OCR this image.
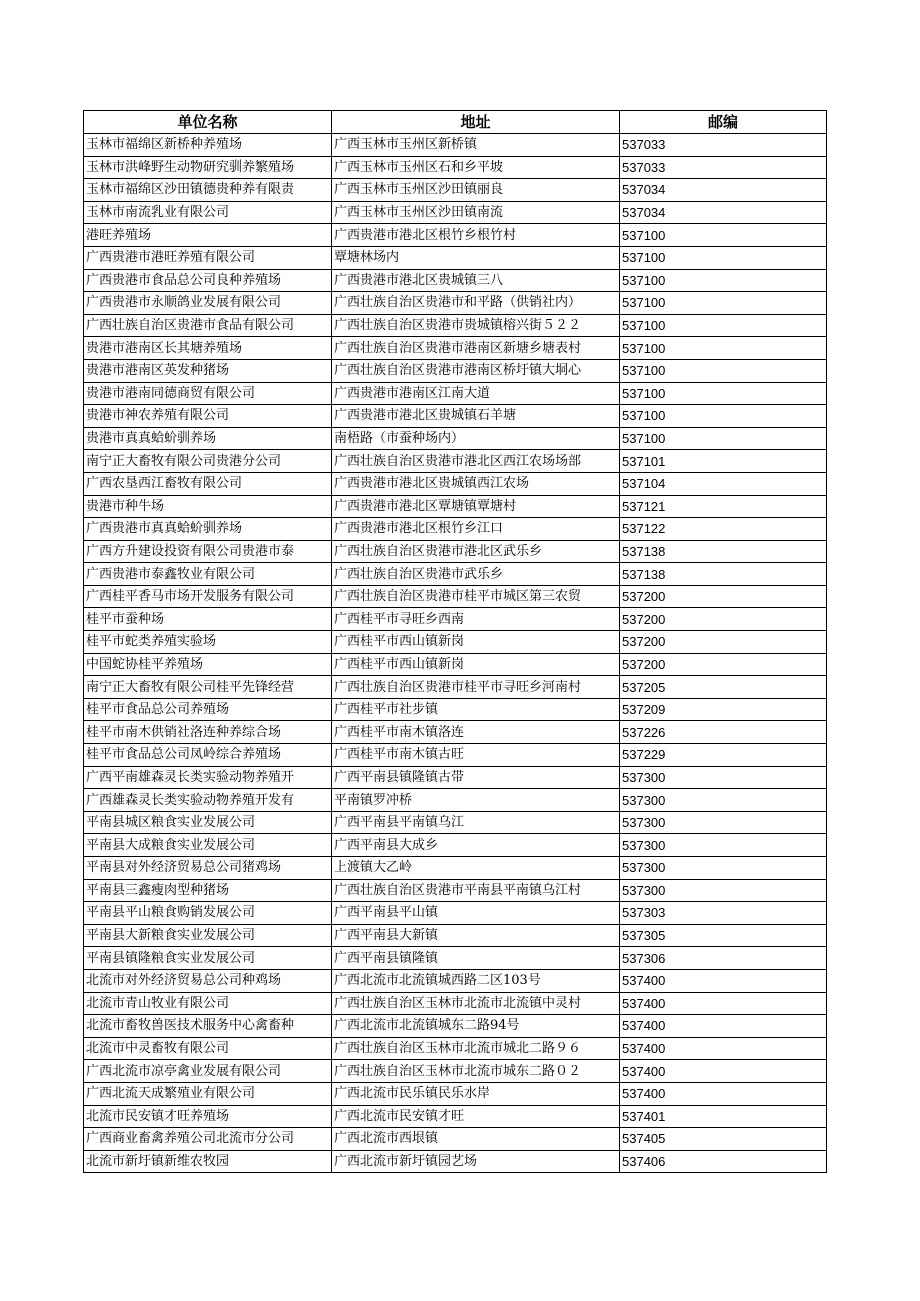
单位名称	地址	邮编
玉林市福绵区新桥种养殖场	广西玉林市玉州区新桥镇	537033
玉林市洪峰野生动物研究驯养繁殖场	广西玉林市玉州区石和乡平坡	537033
玉林市福绵区沙田镇德贵种养有限责	广西玉林市玉州区沙田镇丽良	537034
玉林市南流乳业有限公司	广西玉林市玉州区沙田镇南流	537034
港旺养殖场	广西贵港市港北区根竹乡根竹村	537100
广西贵港市港旺养殖有限公司	覃塘林场内	537100
广西贵港市食品总公司良种养殖场	广西贵港市港北区贵城镇三八	537100
广西贵港市永顺鸽业发展有限公司	广西壮族自治区贵港市和平路（供销社内）	537100
广西壮族自治区贵港市食品有限公司	广西壮族自治区贵港市贵城镇榕兴街５２２	537100
贵港市港南区长其塘养殖场	广西壮族自治区贵港市港南区新塘乡塘表村	537100
贵港市港南区英发种猪场	广西壮族自治区贵港市港南区桥圩镇大垌心	537100
贵港市港南同德商贸有限公司	广西贵港市港南区江南大道	537100
贵港市神农养殖有限公司	广西贵港市港北区贵城镇石羊塘	537100
贵港市真真蛤蚧驯养场	南梧路（市蚕种场内）	537100
南宁正大畜牧有限公司贵港分公司	广西壮族自治区贵港市港北区西江农场场部	537101
广西农垦西江畜牧有限公司	广西贵港市港北区贵城镇西江农场	537104
贵港市种牛场	广西贵港市港北区覃塘镇覃塘村	537121
广西贵港市真真蛤蚧驯养场	广西贵港市港北区根竹乡江口	537122
广西方升建设投资有限公司贵港市泰	广西壮族自治区贵港市港北区武乐乡	537138
广西贵港市泰鑫牧业有限公司	广西壮族自治区贵港市武乐乡	537138
广西桂平香马市场开发服务有限公司	广西壮族自治区贵港市桂平市城区第三农贸	537200
桂平市蚕种场	广西桂平市寻旺乡西南	537200
桂平市蛇类养殖实验场	广西桂平市西山镇新岗	537200
中国蛇协桂平养殖场	广西桂平市西山镇新岗	537200
南宁正大畜牧有限公司桂平先锋经营	广西壮族自治区贵港市桂平市寻旺乡河南村	537205
桂平市食品总公司养殖场	广西桂平市社步镇	537209
桂平市南木供销社洛连种养综合场	广西桂平市南木镇洛连	537226
桂平市食品总公司凤岭综合养殖场	广西桂平市南木镇古旺	537229
广西平南雄森灵长类实验动物养殖开	广西平南县镇隆镇古带	537300
广西雄森灵长类实验动物养殖开发有	平南镇罗冲桥	537300
平南县城区粮食实业发展公司	广西平南县平南镇乌江	537300
平南县大成粮食实业发展公司	广西平南县大成乡	537300
平南县对外经济贸易总公司猪鸡场	上渡镇大乙岭	537300
平南县三鑫瘦肉型种猪场	广西壮族自治区贵港市平南县平南镇乌江村	537300
平南县平山粮食购销发展公司	广西平南县平山镇	537303
平南县大新粮食实业发展公司	广西平南县大新镇	537305
平南县镇隆粮食实业发展公司	广西平南县镇隆镇	537306
北流市对外经济贸易总公司种鸡场	广西北流市北流镇城西路二区103号	537400
北流市青山牧业有限公司	广西壮族自治区玉林市北流市北流镇中灵村	537400
北流市畜牧兽医技术服务中心禽畜种	广西北流市北流镇城东二路94号	537400
北流市中灵畜牧有限公司	广西壮族自治区玉林市北流市城北二路９６	537400
广西北流市凉亭禽业发展有限公司	广西壮族自治区玉林市北流市城东二路０２	537400
广西北流天成繁殖业有限公司	广西北流市民乐镇民乐水岸	537400
北流市民安镇才旺养殖场	广西北流市民安镇才旺	537401
广西商业畜禽养殖公司北流市分公司	广西北流市西垠镇	537405
北流市新圩镇新维农牧园	广西北流市新圩镇园艺场	537406
